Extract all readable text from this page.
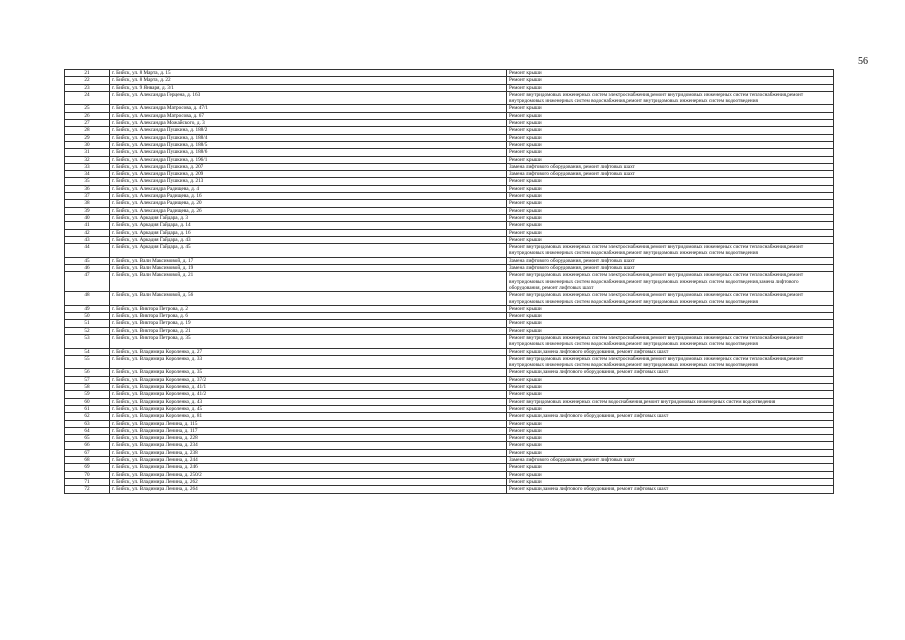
56
21	г. Бийск, ул. 8 Марта, д. 15	Ремонт крыши
22	г. Бийск, ул. 8 Марта, д. 22	Ремонт крыши
23	г. Бийск, ул. 9 Января, д. 3/1	Ремонт крыши
24	г. Бийск, ул. Александра Герцена, д. 163	Ремонт внутридомовых инженерных систем электроснабжения,ремонт внутридомовых инженерных систем теплоснабжения,ремонт внутридомовых инженерных систем водоснабжения,ремонт внутридомовых инженерных систем водоотведения
25	г. Бийск, ул. Александра Матросова, д. 47/1	Ремонт крыши
26	г. Бийск, ул. Александра Матросова, д. 67	Ремонт крыши
27	г. Бийск, ул. Александра Можайского, д. 3	Ремонт крыши
28	г. Бийск, ул. Александра Пушкина, д. 188/2	Ремонт крыши
29	г. Бийск, ул. Александра Пушкина, д. 188/4	Ремонт крыши
30	г. Бийск, ул. Александра Пушкина, д. 188/5	Ремонт крыши
31	г. Бийск, ул. Александра Пушкина, д. 188/6	Ремонт крыши
32	г. Бийск, ул. Александра Пушкина, д. 196/1	Ремонт крыши
33	г. Бийск, ул. Александра Пушкина, д. 207	Замена лифтового оборудования, ремонт лифтовых шахт
34	г. Бийск, ул. Александра Пушкина, д. 209	Замена лифтового оборудования, ремонт лифтовых шахт
35	г. Бийск, ул. Александра Пушкина, д. 213	Ремонт крыши
36	г. Бийск, ул. Александра Радищева, д. 4	Ремонт крыши
37	г. Бийск, ул. Александра Радищева, д. 16	Ремонт крыши
38	г. Бийск, ул. Александра Радищева, д. 20	Ремонт крыши
39	г. Бийск, ул. Александра Радищева, д. 26	Ремонт крыши
40	г. Бийск, ул. Аркадия Гайдара, д. 3	Ремонт крыши
41	г. Бийск, ул. Аркадия Гайдара, д. 14	Ремонт крыши
42	г. Бийск, ул. Аркадия Гайдара, д. 16	Ремонт крыши
43	г. Бийск, ул. Аркадия Гайдара, д. 43	Ремонт крыши
44	г. Бийск, ул. Аркадия Гайдара, д. 45	Ремонт внутридомовых инженерных систем электроснабжения,ремонт внутридомовых инженерных систем теплоснабжения,ремонт внутридомовых инженерных систем водоснабжения,ремонт внутридомовых инженерных систем водоотведения
45	г. Бийск, ул. Вали Максимовой, д. 17	Замена лифтового оборудования, ремонт лифтовых шахт
46	г. Бийск, ул. Вали Максимовой, д. 19	Замена лифтового оборудования, ремонт лифтовых шахт
47	г. Бийск, ул. Вали Максимовой, д. 21	Ремонт внутридомовых инженерных систем электроснабжения,ремонт внутридомовых инженерных систем теплоснабжения,ремонт внутридомовых инженерных систем водоснабжения,ремонт внутридомовых инженерных систем водоотведения,замена лифтового оборудования, ремонт лифтовых шахт
48	г. Бийск, ул. Вали Максимовой, д. 56	Ремонт внутридомовых инженерных систем электроснабжения,ремонт внутридомовых инженерных систем теплоснабжения,ремонт внутридомовых инженерных систем водоснабжения,ремонт внутридомовых инженерных систем водоотведения
49	г. Бийск, ул. Виктора Петрова, д. 2	Ремонт крыши
50	г. Бийск, ул. Виктора Петрова, д. 6	Ремонт крыши
51	г. Бийск, ул. Виктора Петрова, д. 19	Ремонт крыши
52	г. Бийск, ул. Виктора Петрова, д. 21	Ремонт крыши
53	г. Бийск, ул. Виктора Петрова, д. 35	Ремонт внутридомовых инженерных систем электроснабжения,ремонт внутридомовых инженерных систем теплоснабжения,ремонт внутридомовых инженерных систем водоснабжения,ремонт внутридомовых инженерных систем водоотведения
54	г. Бийск, ул. Владимира Короленко, д. 27	Ремонт крыши,замена лифтового оборудования, ремонт лифтовых шахт
55	г. Бийск, ул. Владимира Короленко, д. 33	Ремонт внутридомовых инженерных систем электроснабжения,ремонт внутридомовых инженерных систем теплоснабжения,ремонт внутридомовых инженерных систем водоснабжения,ремонт внутридомовых инженерных систем водоотведения
56	г. Бийск, ул. Владимира Короленко, д. 35	Ремонт крыши,замена лифтового оборудования, ремонт лифтовых шахт
57	г. Бийск, ул. Владимира Короленко, д. 37/2	Ремонт крыши
58	г. Бийск, ул. Владимира Короленко, д. 41/1	Ремонт крыши
59	г. Бийск, ул. Владимира Короленко, д. 41/2	Ремонт крыши
60	г. Бийск, ул. Владимира Короленко, д. 43	Ремонт внутридомовых инженерных систем водоснабжения,ремонт внутридомовых инженерных систем водоотведения
61	г. Бийск, ул. Владимира Короленко, д. 45	Ремонт крыши
62	г. Бийск, ул. Владимира Короленко, д. 81	Ремонт крыши,замена лифтового оборудования, ремонт лифтовых шахт
63	г. Бийск, ул. Владимира Ленина, д. 115	Ремонт крыши
64	г. Бийск, ул. Владимира Ленина, д. 117	Ремонт крыши
65	г. Бийск, ул. Владимира Ленина, д. 228	Ремонт крыши
66	г. Бийск, ул. Владимира Ленина, д. 234	Ремонт крыши
67	г. Бийск, ул. Владимира Ленина, д. 238	Ремонт крыши
68	г. Бийск, ул. Владимира Ленина, д. 244	Замена лифтового оборудования, ремонт лифтовых шахт
69	г. Бийск, ул. Владимира Ленина, д. 246	Ремонт крыши
70	г. Бийск, ул. Владимира Ленина, д. 250/2	Ремонт крыши
71	г. Бийск, ул. Владимира Ленина, д. 262	Ремонт крыши
72	г. Бийск, ул. Владимира Ленина, д. 264	Ремонт крыши,замена лифтового оборудования, ремонт лифтовых шахт
